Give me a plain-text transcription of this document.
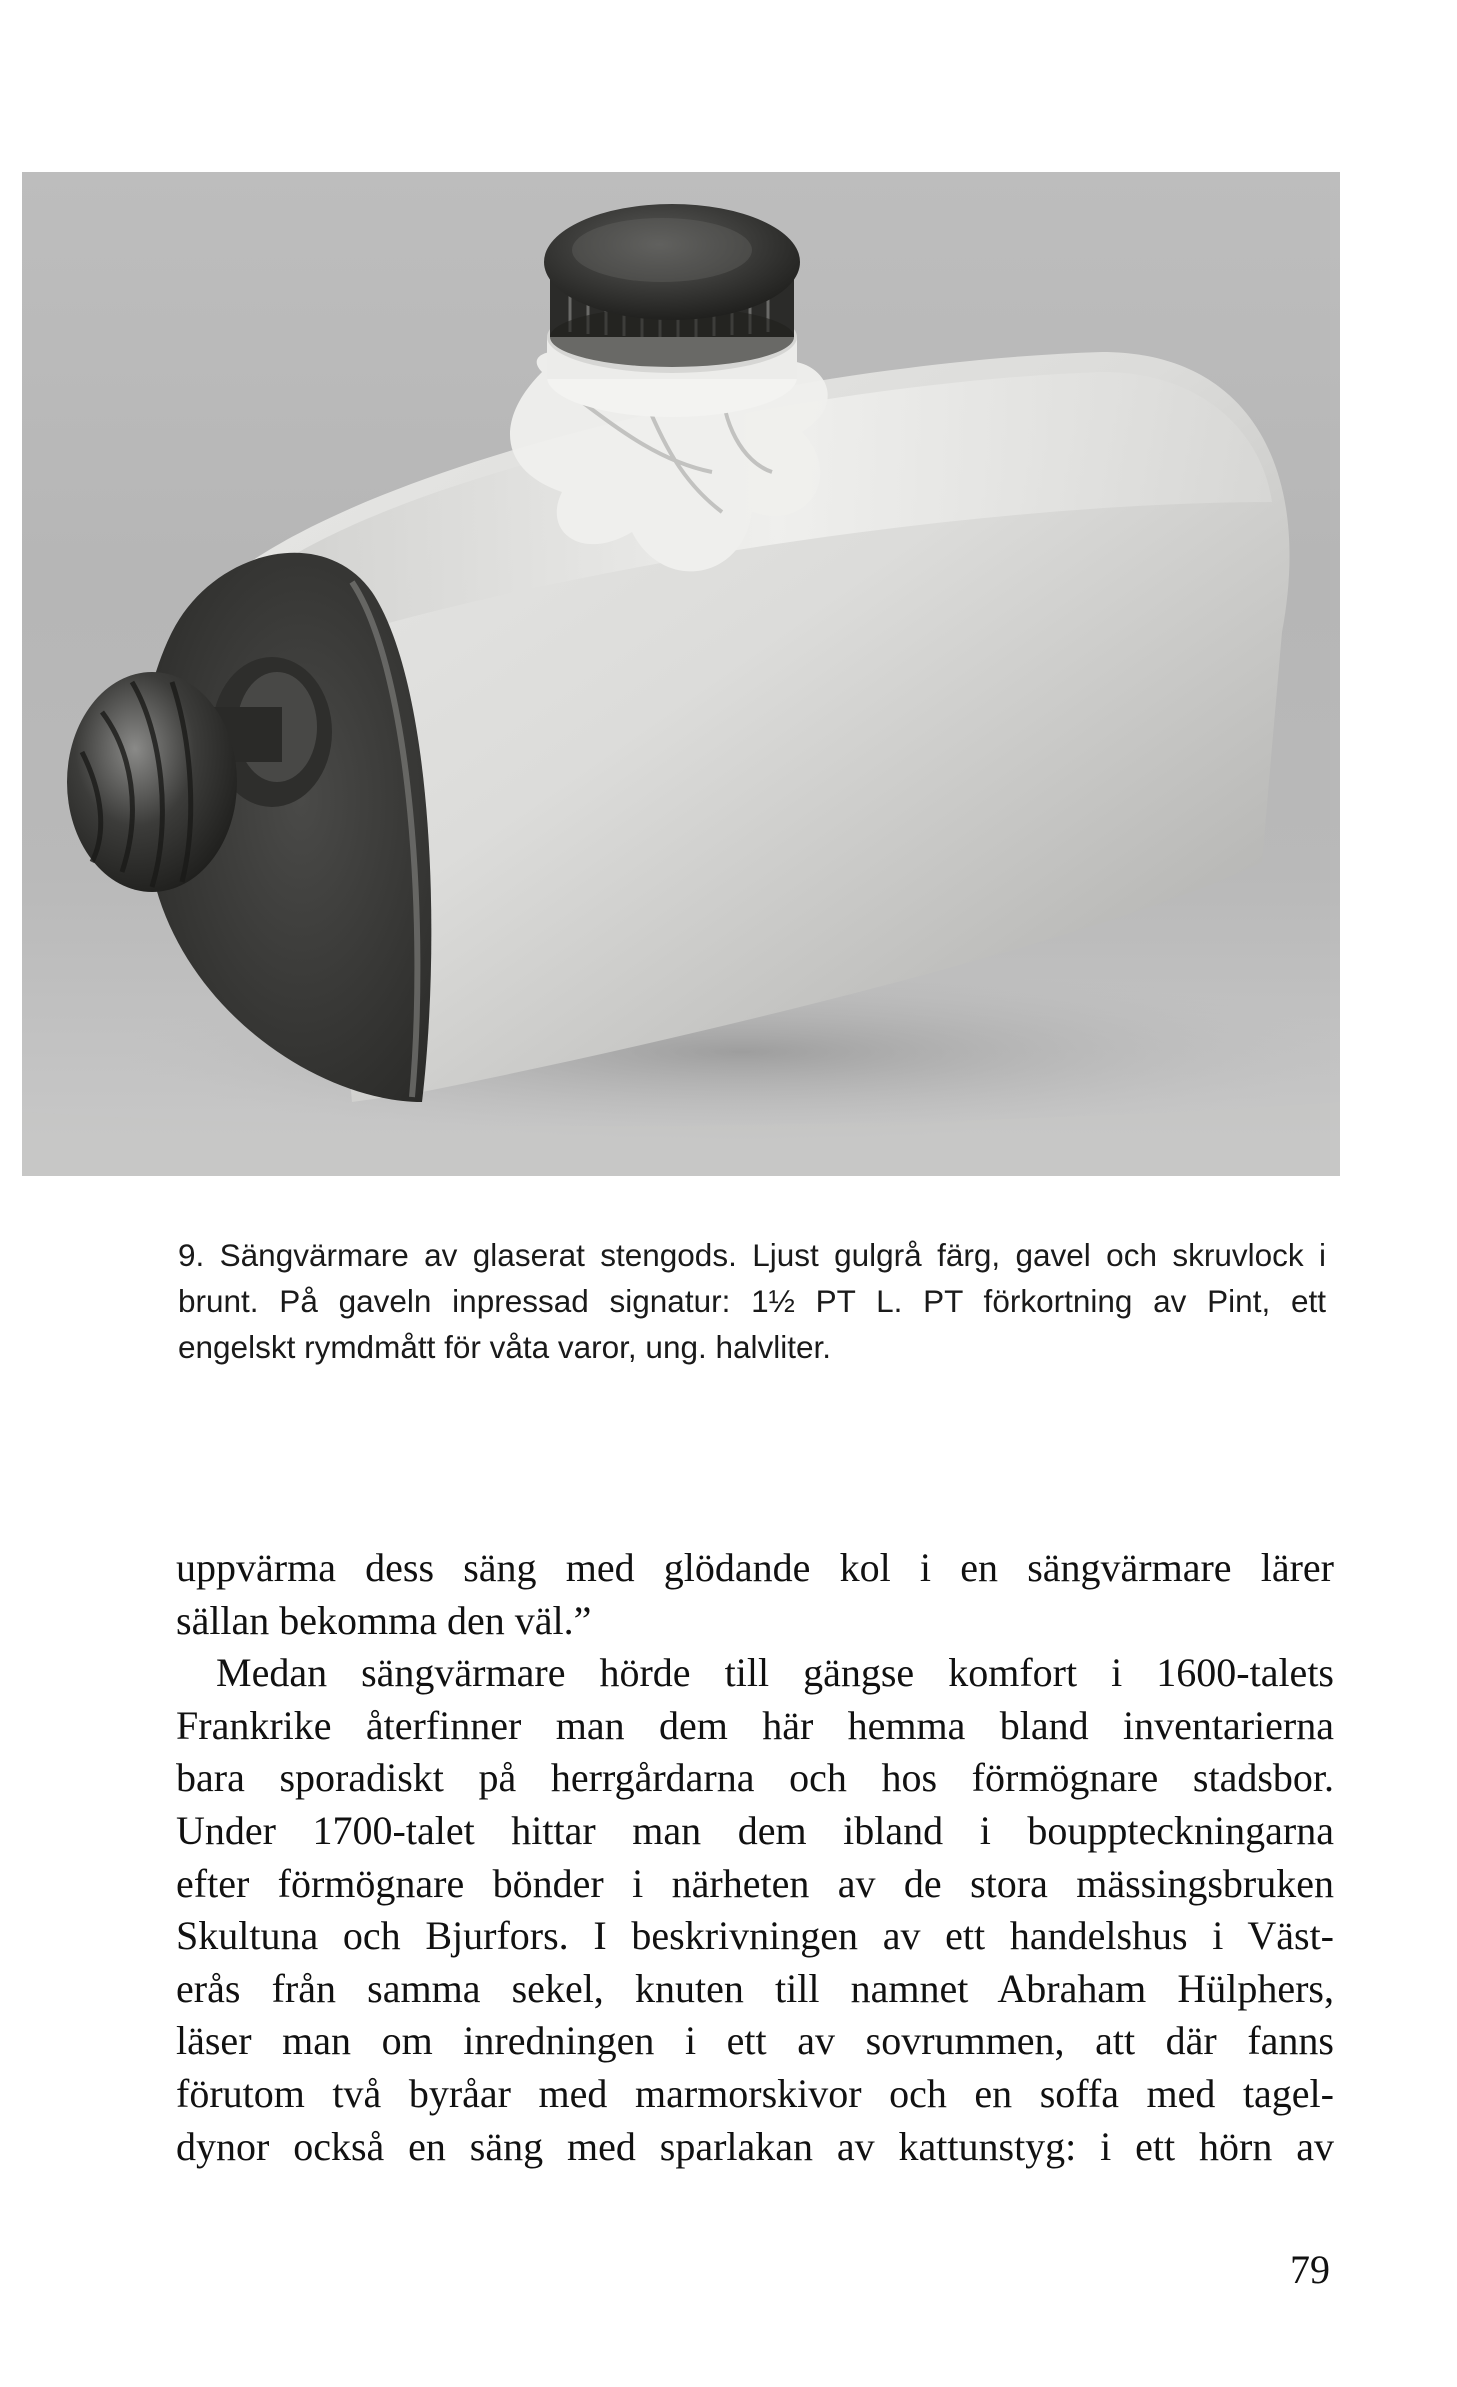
9. Sängvärmare av glaserat stengods. Ljust gulgrå färg, gavel och skruvlock i
brunt. På gaveln inpressad signatur: 1½ PT L. PT förkortning av Pint, ett
engelskt rymdmått för våta varor, ung. halvliter.
uppvärma dess säng med glödande kol i en sängvärmare lärer
sällan bekomma den väl.”
Medan sängvärmare hörde till gängse komfort i 1600-talets
Frankrike återfinner man dem här hemma bland inventarierna
bara sporadiskt på herrgårdarna och hos förmögnare stadsbor.
Under 1700-talet hittar man dem ibland i bouppteckningarna
efter förmögnare bönder i närheten av de stora mässingsbruken
Skultuna och Bjurfors. I beskrivningen av ett handelshus i Väst-
erås från samma sekel, knuten till namnet Abraham Hülphers,
läser man om inredningen i ett av sovrummen, att där fanns
förutom två byråar med marmorskivor och en soffa med tagel-
dynor också en säng med sparlakan av kattunstyg: i ett hörn av
79
